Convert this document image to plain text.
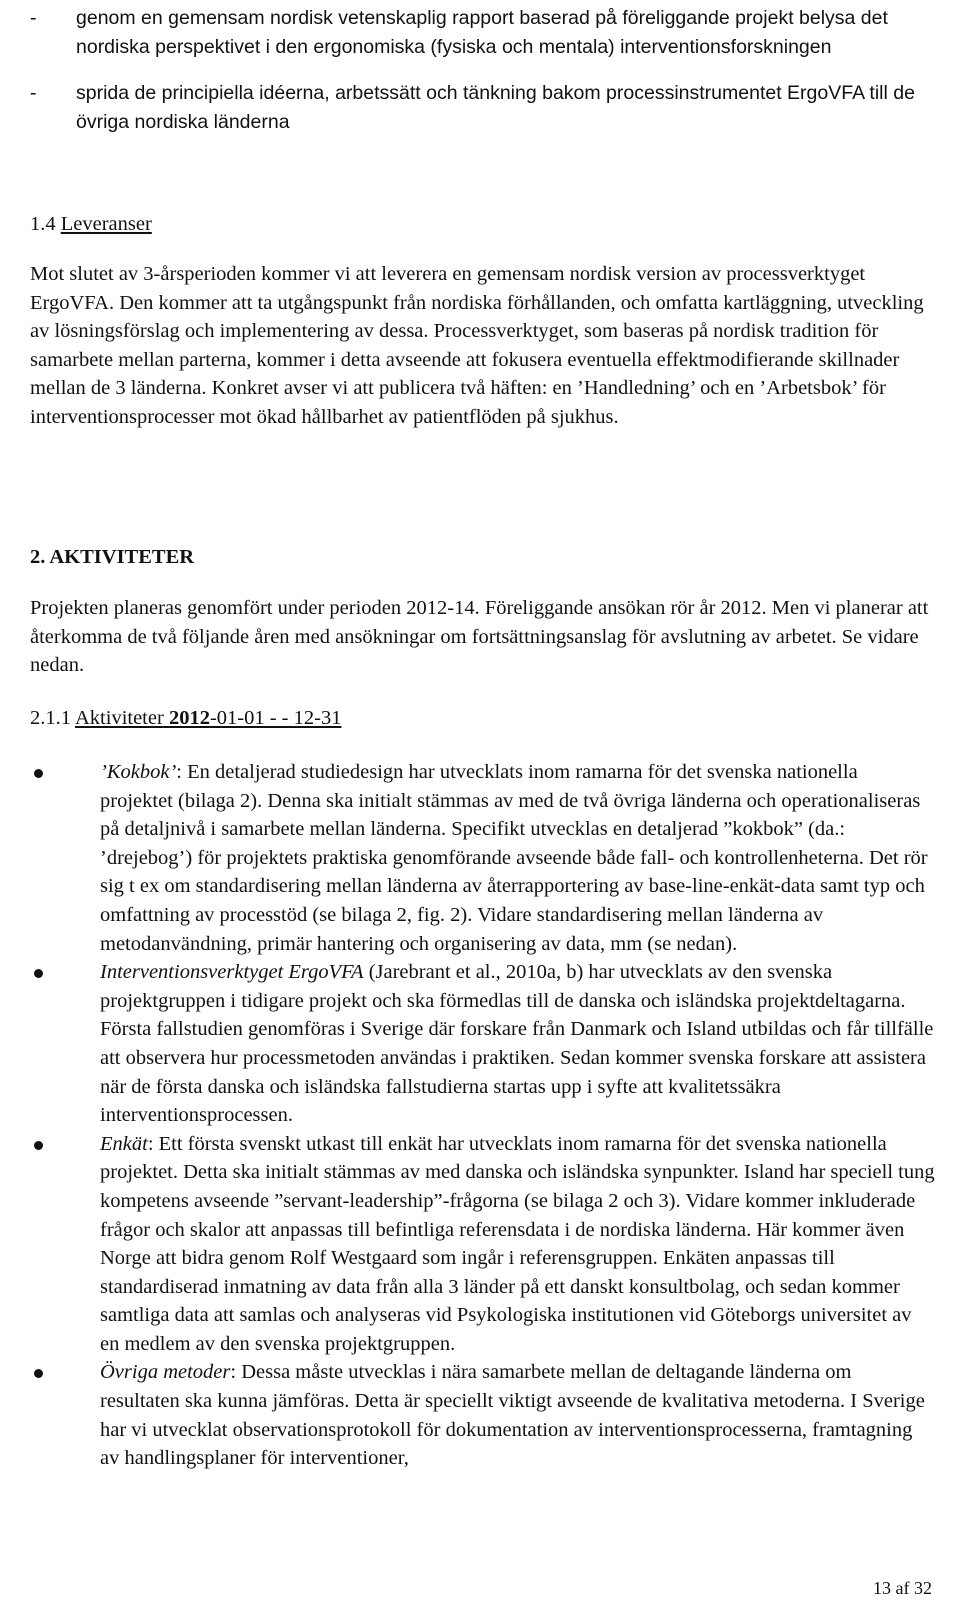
- genom en gemensam nordisk vetenskaplig rapport baserad på föreliggande projekt belysa det nordiska perspektivet i den ergonomiska (fysiska och mentala) interventionsforskningen
- sprida de principiella idéerna, arbetssätt och tänkning bakom processinstrumentet ErgoVFA till de övriga nordiska länderna
1.4 Leveranser
Mot slutet av 3-årsperioden kommer vi att leverera en gemensam nordisk version av processverktyget ErgoVFA. Den kommer att ta utgångspunkt från nordiska förhållanden, och omfatta kartläggning, utveckling av lösningsförslag och implementering av dessa. Processverktyget, som baseras på nordisk tradition för samarbete mellan parterna, kommer i detta avseende att fokusera eventuella effektmodifierande skillnader mellan de 3 länderna. Konkret avser vi att publicera två häften: en ’Handledning’ och en ’Arbetsbok’ för interventionsprocesser mot ökad hållbarhet av patientflöden på sjukhus.
2. AKTIVITETER
Projekten planeras genomfört under perioden 2012-14. Föreliggande ansökan rör år 2012. Men vi planerar att återkomma de två följande åren med ansökningar om fortsättningsanslag för avslutning av arbetet. Se vidare nedan.
2.1.1 Aktiviteter 2012-01-01 - - 12-31
’Kokbok’: En detaljerad studiedesign har utvecklats inom ramarna för det svenska nationella projektet (bilaga 2). Denna ska initialt stämmas av med de två övriga länderna och operationaliseras på detaljnivå i samarbete mellan länderna. Specifikt utvecklas en detaljerad ”kokbok” (da.: ’drejebog’) för projektets praktiska genomförande avseende både fall- och kontrollenheterna. Det rör sig t ex om standardisering mellan länderna av återrapportering av base-line-enkät-data samt typ och omfattning av processtöd (se bilaga 2, fig. 2). Vidare standardisering mellan länderna av metodanvändning, primär hantering och organisering av data, mm (se nedan).
Interventionsverktyget ErgoVFA (Jarebrant et al., 2010a, b) har utvecklats av den svenska projektgruppen i tidigare projekt och ska förmedlas till de danska och isländska projektdeltagarna. Första fallstudien genomföras i Sverige där forskare från Danmark och Island utbildas och får tillfälle att observera hur processmetoden användas i praktiken. Sedan kommer svenska forskare att assistera när de första danska och isländska fallstudierna startas upp i syfte att kvalitetssäkra interventionsprocessen.
Enkät: Ett första svenskt utkast till enkät har utvecklats inom ramarna för det svenska nationella projektet. Detta ska initialt stämmas av med danska och isländska synpunkter. Island har speciell tung kompetens avseende ”servant-leadership”-frågorna (se bilaga 2 och 3). Vidare kommer inkluderade frågor och skalor att anpassas till befintliga referensdata i de nordiska länderna. Här kommer även Norge att bidra genom Rolf Westgaard som ingår i referensgruppen. Enkäten anpassas till standardiserad inmatning av data från alla 3 länder på ett danskt konsultbolag, och sedan kommer samtliga data att samlas och analyseras vid Psykologiska institutionen vid Göteborgs universitet av en medlem av den svenska projektgruppen.
Övriga metoder: Dessa måste utvecklas i nära samarbete mellan de deltagande länderna om resultaten ska kunna jämföras. Detta är speciellt viktigt avseende de kvalitativa metoderna. I Sverige har vi utvecklat observationsprotokoll för dokumentation av interventionsprocesserna, framtagning av handlingsplaner för interventioner,
13 af 32
